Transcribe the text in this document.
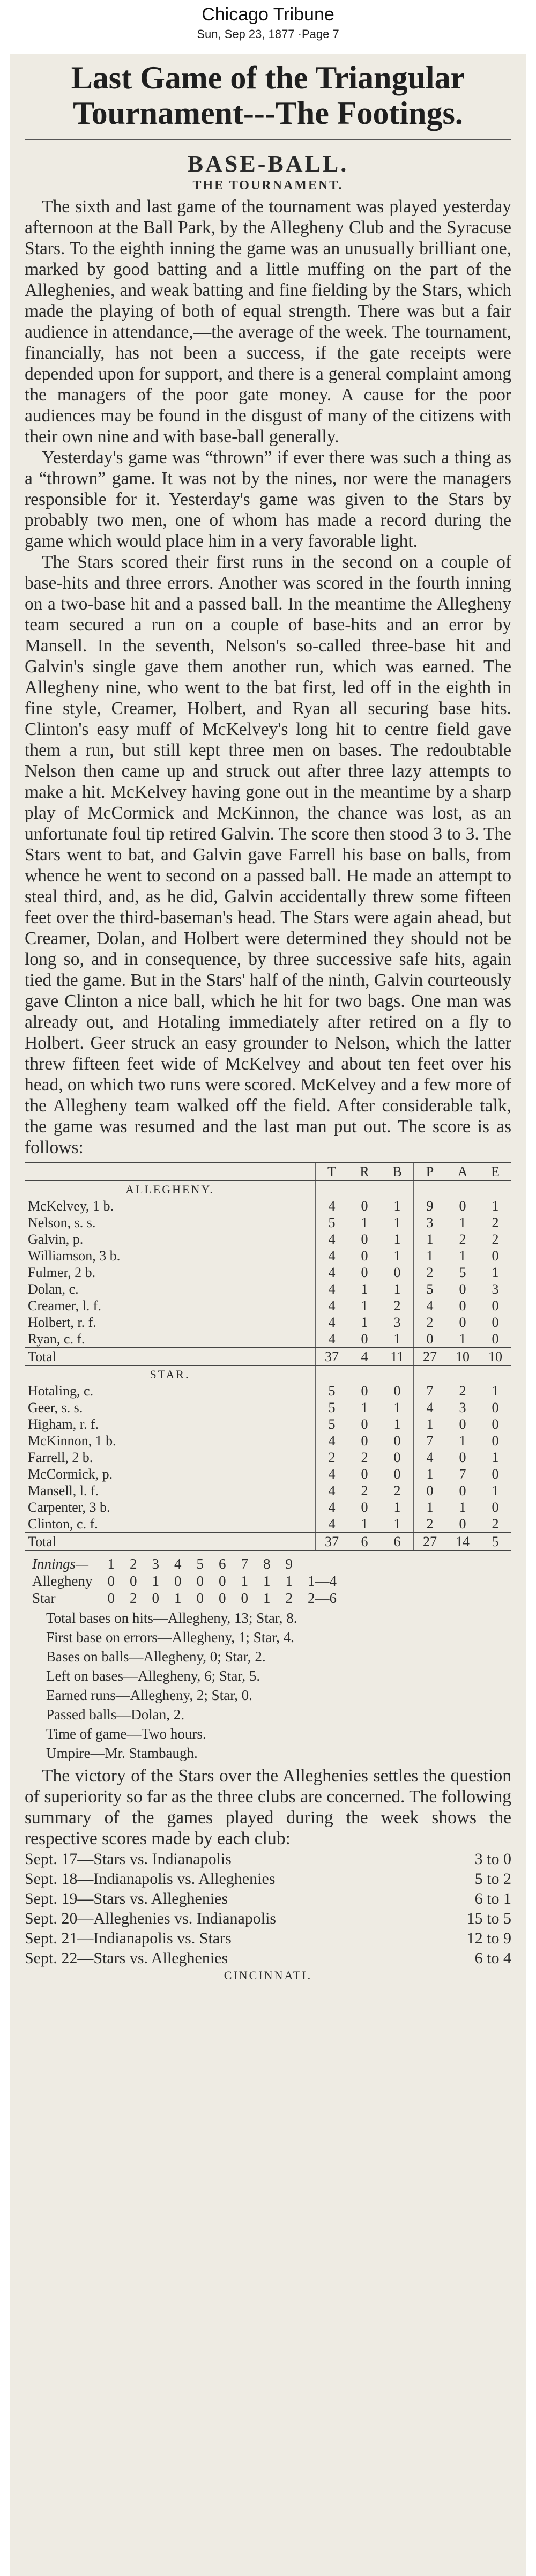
Chicago Tribune
Sun, Sep 23, 1877 ·Page 7
Last Game of the Triangular Tournament---The Footings.
BASE-BALL.
THE TOURNAMENT.

The sixth and last game of the tournament was played yesterday afternoon at the Ball Park, by the Allegheny Club and the Syracuse Stars. To the eighth inning the game was an unusually brilliant one, marked by good batting and a little muffing on the part of the Alleghenies, and weak batting and fine fielding by the Stars, which made the playing of both of equal strength. There was but a fair audience in attendance,—the average of the week. The tournament, financially, has not been a success, if the gate receipts were depended upon for support, and there is a general complaint among the managers of the poor gate money. A cause for the poor audiences may be found in the disgust of many of the citizens with their own nine and with base-ball generally.

Yesterday's game was “thrown” if ever there was such a thing as a “thrown” game. It was not by the nines, nor were the managers responsible for it. Yesterday's game was given to the Stars by probably two men, one of whom has made a record during the game which would place him in a very favorable light.

The Stars scored their first runs in the second on a couple of base-hits and three errors. Another was scored in the fourth inning on a two-base hit and a passed ball. In the meantime the Allegheny team secured a run on a couple of base-hits and an error by Mansell. In the seventh, Nelson's so-called three-base hit and Galvin's single gave them another run, which was earned. The Allegheny nine, who went to the bat first, led off in the eighth in fine style, Creamer, Holbert, and Ryan all securing base hits. Clinton's easy muff of McKelvey's long hit to centre field gave them a run, but still kept three men on bases. The redoubtable Nelson then came up and struck out after three lazy attempts to make a hit. McKelvey having gone out in the meantime by a sharp play of McCormick and McKinnon, the chance was lost, as an unfortunate foul tip retired Galvin. The score then stood 3 to 3. The Stars went to bat, and Galvin gave Farrell his base on balls, from whence he went to second on a passed ball. He made an attempt to steal third, and, as he did, Galvin accidentally threw some fifteen feet over the third-baseman's head. The Stars were again ahead, but Creamer, Dolan, and Holbert were determined they should not be long so, and in consequence, by three successive safe hits, again tied the game. But in the Stars' half of the ninth, Galvin courteously gave Clinton a nice ball, which he hit for two bags. One man was already out, and Hotaling immediately after retired on a fly to Holbert. Geer struck an easy grounder to Nelson, which the latter threw fifteen feet wide of McKelvey and about ten feet over his head, on which two runs were scored. McKelvey and a few more of the Allegheny team walked off the field. After considerable talk, the game was resumed and the last man put out. The score is as follows:

	T	R	B	P	A	E
ALLEGHENY.						
McKelvey, 1 b.	4	0	1	9	0	1
Nelson, s. s.	5	1	1	3	1	2
Galvin, p.	4	0	1	1	2	2
Williamson, 3 b.	4	0	1	1	1	0
Fulmer, 2 b.	4	0	0	2	5	1
Dolan, c.	4	1	1	5	0	3
Creamer, l. f.	4	1	2	4	0	0
Holbert, r. f.	4	1	3	2	0	0
Ryan, c. f.	4	0	1	0	1	0
Total	37	4	11	27	10	10
STAR.						
Hotaling, c.	5	0	0	7	2	1
Geer, s. s.	5	1	1	4	3	0
Higham, r. f.	5	0	1	1	0	0
McKinnon, 1 b.	4	0	0	7	1	0
Farrell, 2 b.	2	2	0	4	0	1
McCormick, p.	4	0	0	1	7	0
Mansell, l. f.	4	2	2	0	0	1
Carpenter, 3 b.	4	0	1	1	1	0
Clinton, c. f.	4	1	1	2	0	2
Total	37	6	6	27	14	5
Innings—	1	2	3	4	5	6	7	8	9	
Allegheny	0	0	1	0	0	0	1	1	1	1—4
Star	0	2	0	1	0	0	0	1	2	2—6
Total bases on hits—Allegheny, 13; Star, 8.
First base on errors—Allegheny, 1; Star, 4.
Bases on balls—Allegheny, 0; Star, 2.
Left on bases—Allegheny, 6; Star, 5.
Earned runs—Allegheny, 2; Star, 0.
Passed balls—Dolan, 2.
Time of game—Two hours.
Umpire—Mr. Stambaugh.

The victory of the Stars over the Alleghenies settles the question of superiority so far as the three clubs are concerned. The following summary of the games played during the week shows the respective scores made by each club:

Sept. 17—Stars vs. Indianapolis	3 to 0
Sept. 18—Indianapolis vs. Alleghenies	5 to 2
Sept. 19—Stars vs. Alleghenies	6 to 1
Sept. 20—Alleghenies vs. Indianapolis	15 to 5
Sept. 21—Indianapolis vs. Stars	12 to 9
Sept. 22—Stars vs. Alleghenies	6 to 4
CINCINNATI.
